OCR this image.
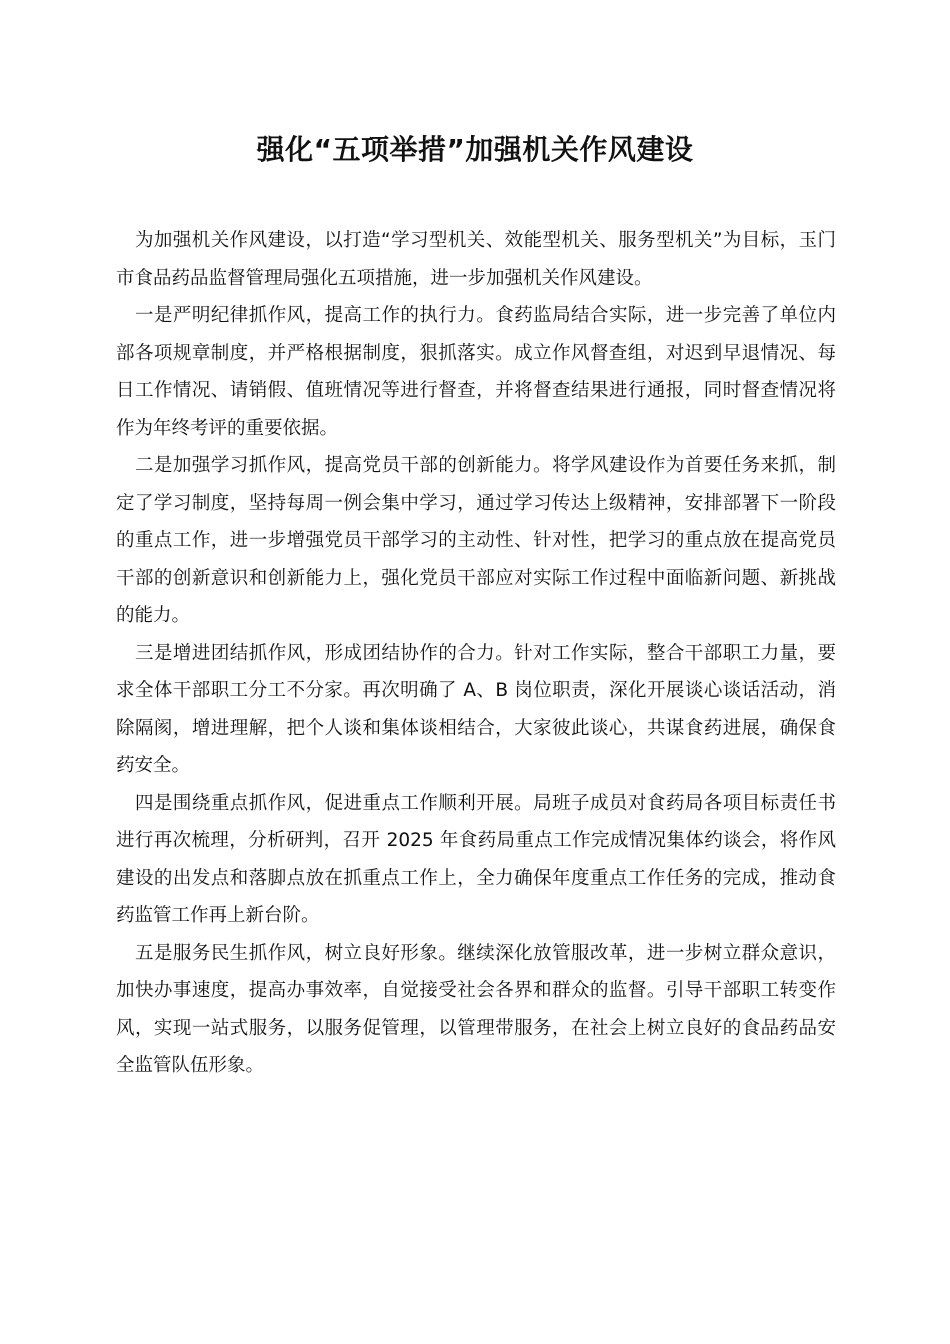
强化“五项举措”加强机关作风建设

为加强机关作风建设，以打造“学习型机关、效能型机关、服务型机关”为目标，玉门市食品药品监督管理局强化五项措施，进一步加强机关作风建设。

一是严明纪律抓作风，提高工作的执行力。食药监局结合实际，进一步完善了单位内部各项规章制度，并严格根据制度，狠抓落实。成立作风督查组，对迟到早退情况、每日工作情况、请销假、值班情况等进行督查，并将督查结果进行通报，同时督查情况将作为年终考评的重要依据。

二是加强学习抓作风，提高党员干部的创新能力。将学风建设作为首要任务来抓，制定了学习制度，坚持每周一例会集中学习，通过学习传达上级精神，安排部署下一阶段的重点工作，进一步增强党员干部学习的主动性、针对性，把学习的重点放在提高党员干部的创新意识和创新能力上，强化党员干部应对实际工作过程中面临新问题、新挑战的能力。

三是增进团结抓作风，形成团结协作的合力。针对工作实际，整合干部职工力量，要求全体干部职工分工不分家。再次明确了 A、B 岗位职责，深化开展谈心谈话活动，消除隔阂，增进理解，把个人谈和集体谈相结合，大家彼此谈心，共谋食药进展，确保食药安全。

四是围绕重点抓作风，促进重点工作顺利开展。局班子成员对食药局各项目标责任书进行再次梳理，分析研判，召开 2025 年食药局重点工作完成情况集体约谈会，将作风建设的出发点和落脚点放在抓重点工作上，全力确保年度重点工作任务的完成，推动食药监管工作再上新台阶。

五是服务民生抓作风，树立良好形象。继续深化放管服改革，进一步树立群众意识，加快办事速度，提高办事效率，自觉接受社会各界和群众的监督。引导干部职工转变作风，实现一站式服务，以服务促管理，以管理带服务，在社会上树立良好的食品药品安全监管队伍形象。
